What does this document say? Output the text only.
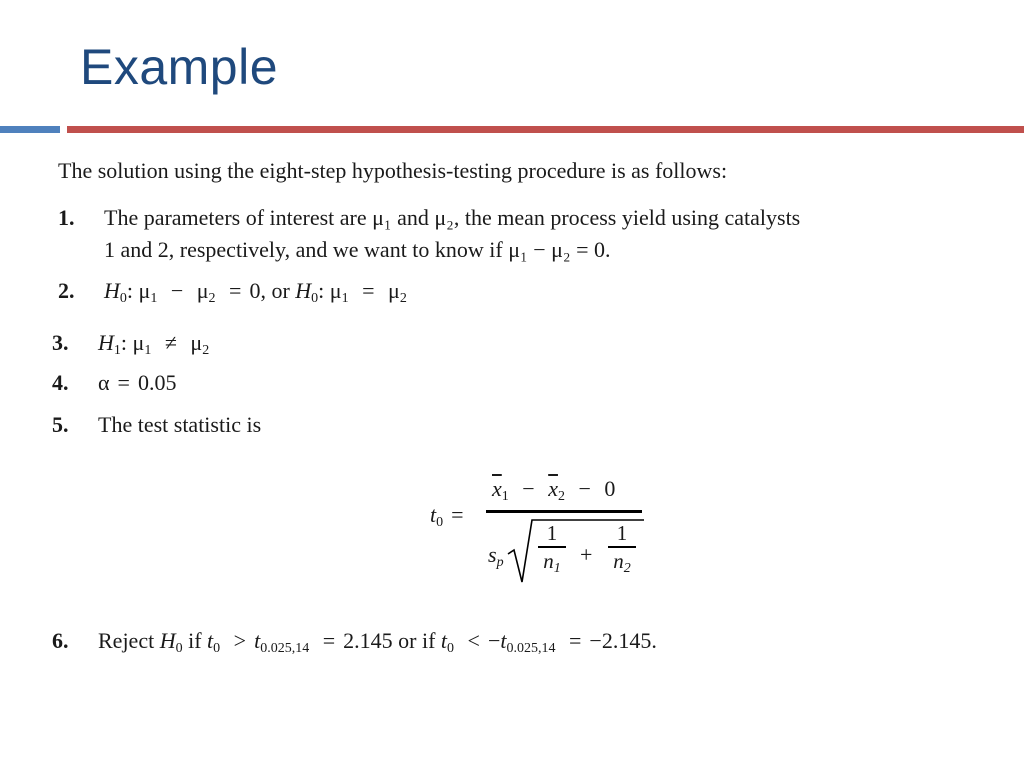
Example
The solution using the eight-step hypothesis-testing procedure is as follows:
1. The parameters of interest are μ₁ and μ₂, the mean process yield using catalysts
1 and 2, respectively, and we want to know if μ₁ − μ₂ = 0.
2. $H_0$: $\mu_1 - \mu_2 = 0$, or $H_0$: $\mu_1 = \mu_2$
3. $H_1$: $\mu_1 \ne \mu_2$
4. α = 0.05
5. The test statistic is
$t_0$ =
$\overline{x}_1 - \overline{x}_2 - 0$
$s_p \frac{1}{n_1} + \frac{1}{n_2}$
6. Reject $H_0$ if $t_0 > t_{0.025,14} = 2.145$ or if $t_0 < -t_{0.025,14} = -2.145$.
